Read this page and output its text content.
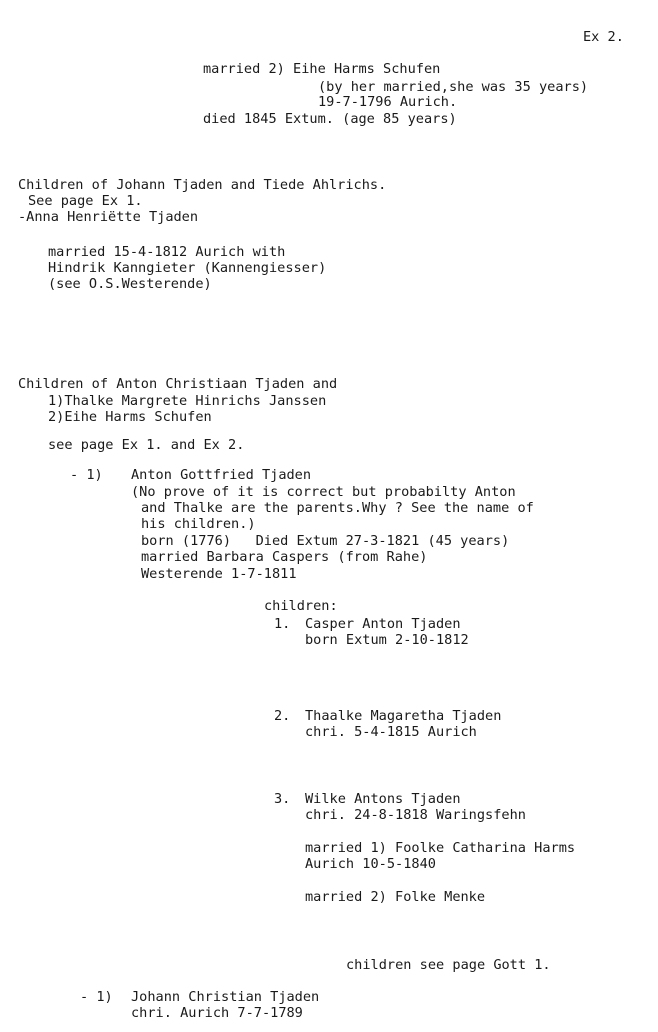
Ex 2.
married 2) Eihe Harms Schufen
(by her married,she was 35 years)
19-7-1796 Aurich.
died 1845 Extum. (age 85 years)
Children of Johann Tjaden and Tiede Ahlrichs.
See page Ex 1.
-Anna Henriëtte Tjaden
married 15-4-1812 Aurich with
Hindrik Kanngieter (Kannengiesser)
(see O.S.Westerende)
Children of Anton Christiaan Tjaden and
1)Thalke Margrete Hinrichs Janssen
2)Eihe Harms Schufen
see page Ex 1. and Ex 2.
- 1) Anton Gottfried Tjaden
(No prove of it is correct but probabilty Anton
and Thalke are the parents.Why ? See the name of
his children.)
born (1776)   Died Extum 27-3-1821 (45 years)
married Barbara Caspers (from Rahe)
Westerende 1-7-1811
children:
1. Casper Anton Tjaden
born Extum 2-10-1812
2. Thaalke Magaretha Tjaden
chri. 5-4-1815 Aurich
3. Wilke Antons Tjaden
chri. 24-8-1818 Waringsfehn
married 1) Foolke Catharina Harms
Aurich 10-5-1840
married 2) Folke Menke
children see page Gott 1.
- 1) Johann Christian Tjaden
chri. Aurich 7-7-1789
